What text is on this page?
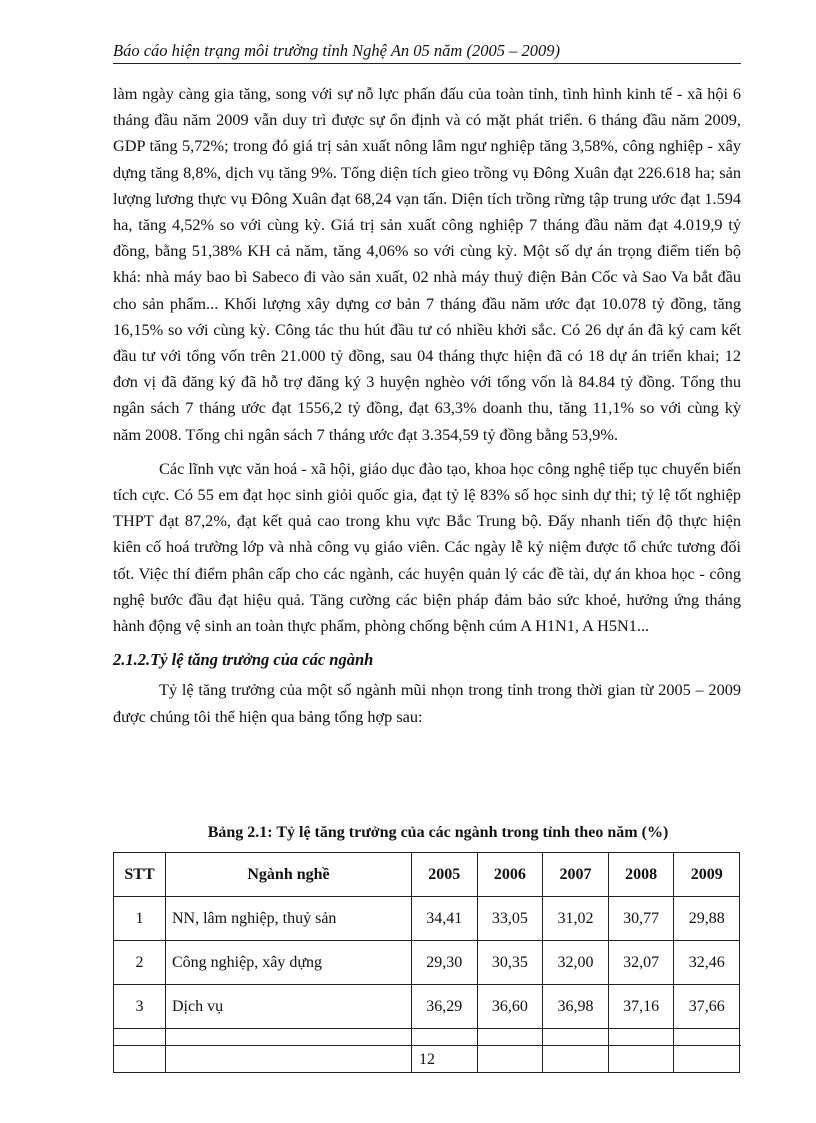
Báo cáo hiện trạng môi trường tỉnh Nghệ An 05 năm (2005 – 2009)

làm ngày càng gia tăng, song với sự nỗ lực phấn đấu của toàn tỉnh, tình hình kinh tế - xã hội 6 tháng đầu năm 2009 vẫn duy trì được sự ổn định và có mặt phát triển. 6 tháng đầu năm 2009, GDP tăng 5,72%; trong đó giá trị sản xuất nông lâm ngư nghiệp tăng 3,58%, công nghiệp - xây dựng tăng 8,8%, dịch vụ tăng 9%. Tổng diện tích gieo trồng vụ Đông Xuân đạt 226.618 ha; sản lượng lương thực vụ Đông Xuân đạt 68,24 vạn tấn. Diện tích trồng rừng tập trung ước đạt 1.594 ha, tăng 4,52% so với cùng kỳ. Giá trị sản xuất công nghiệp 7 tháng đầu năm đạt 4.019,9 tỷ đồng, bằng 51,38% KH cả năm, tăng 4,06% so với cùng kỳ. Một số dự án trọng điểm tiến bộ khá: nhà máy bao bì Sabeco đi vào sản xuất, 02 nhà máy thuỷ điện Bản Cốc và Sao Va bắt đầu cho sản phẩm... Khối lượng xây dựng cơ bản 7 tháng đầu năm ước đạt 10.078 tỷ đồng, tăng 16,15% so với cùng kỳ. Công tác thu hút đầu tư có nhiều khởi sắc. Có 26 dự án đã ký cam kết đầu tư với tổng vốn trên 21.000 tỷ đồng, sau 04 tháng thực hiện đã có 18 dự án triển khai; 12 đơn vị đã đăng ký đã hỗ trợ đăng ký 3 huyện nghèo với tổng vốn là 84.84 tỷ đồng. Tổng thu ngân sách 7 tháng ước đạt 1556,2 tỷ đồng, đạt 63,3% doanh thu, tăng 11,1% so với cùng kỳ năm 2008. Tổng chi ngân sách 7 tháng ước đạt 3.354,59 tỷ đồng bằng 53,9%.

Các lĩnh vực văn hoá - xã hội, giáo dục đào tạo, khoa học công nghệ tiếp tục chuyển biến tích cực. Có 55 em đạt học sinh giỏi quốc gia, đạt tỷ lệ 83% số học sinh dự thi; tỷ lệ tốt nghiệp THPT đạt 87,2%, đạt kết quả cao trong khu vực Bắc Trung bộ. Đẩy nhanh tiến độ thực hiện kiên cố hoá trường lớp và nhà công vụ giáo viên. Các ngày lễ kỷ niệm được tổ chức tương đối tốt. Việc thí điểm phân cấp cho các ngành, các huyện quản lý các đề tài, dự án khoa học - công nghệ bước đầu đạt hiệu quả. Tăng cường các biện pháp đảm bảo sức khoẻ, hưởng ứng tháng hành động vệ sinh an toàn thực phẩm, phòng chống bệnh cúm A H1N1, A H5N1...

2.1.2.Tỷ lệ tăng trưởng của các ngành

Tỷ lệ tăng trưởng của một số ngành mũi nhọn trong tỉnh trong thời gian từ 2005 – 2009 được chúng tôi thể hiện qua bảng tổng hợp sau:

Bảng 2.1: Tỷ lệ tăng trưởng của các ngành trong tỉnh theo năm (%)
STT	Ngành nghề	2005	2006	2007	2008	2009
1	NN, lâm nghiệp, thuỷ sản	34,41	33,05	31,02	30,77	29,88
2	Công nghiệp, xây dựng	29,30	30,35	32,00	32,07	32,46
3	Dịch vụ	36,29	36,60	36,98	37,16	37,66

12
